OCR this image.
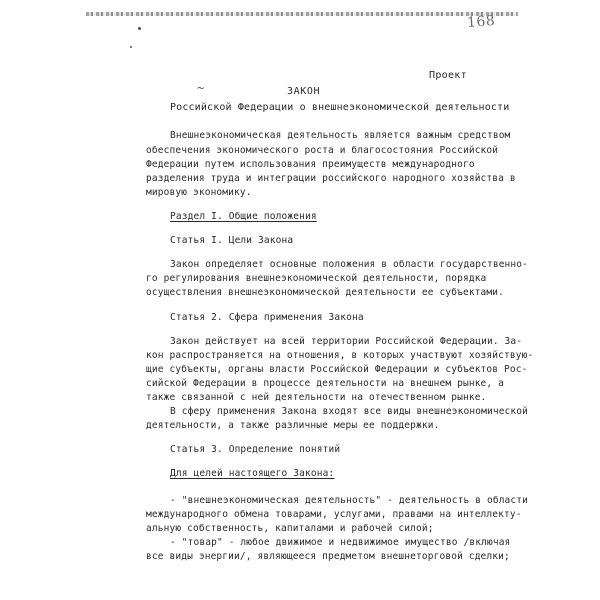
168
Проект
~	ЗАКОН
Российской Федерации о внешнеэкономической деятельности
Внешнеэкономическая деятельность является важным средством
обеспечения экономического роста и благосостояния Российской
Федерации путем использования преимуществ международного
разделения труда и интеграции российского народного хозяйства в
мировую экономику.
Раздел I. Общие положения
Статья I. Цели Закона
Закон определяет основные положения в области государственно-
го регулирования внешнеэкономической деятельности, порядка
осуществления внешнеэкономической деятельности ее субъектами.
Статья 2. Сфера применения Закона
Закон действует на всей территории Российской Федерации. За-
кон распространяется на отношения, в которых участвуют хозяйствую-
щие субъекты, органы власти Российской Федерации и субъектов Рос-
сийской Федерации в процессе деятельности на внешнем рынке, а
также связанной с ней деятельности на отечественном рынке.
В сферу применения Закона входят все виды внешнеэкономической
деятельности, а также различные меры ее поддержки.
Статья 3. Определение понятий
Для целей настоящего Закона:
- "внешнеэкономическая деятельность" - деятельность в области
международного обмена товарами, услугами, правами на интеллекту-
альную собственность, капиталами и рабочей силой;
- "товар" - любое движимое и недвижимое имущество /включая
все виды энергии/, являющееся предметом внешнеторговой сделки;
